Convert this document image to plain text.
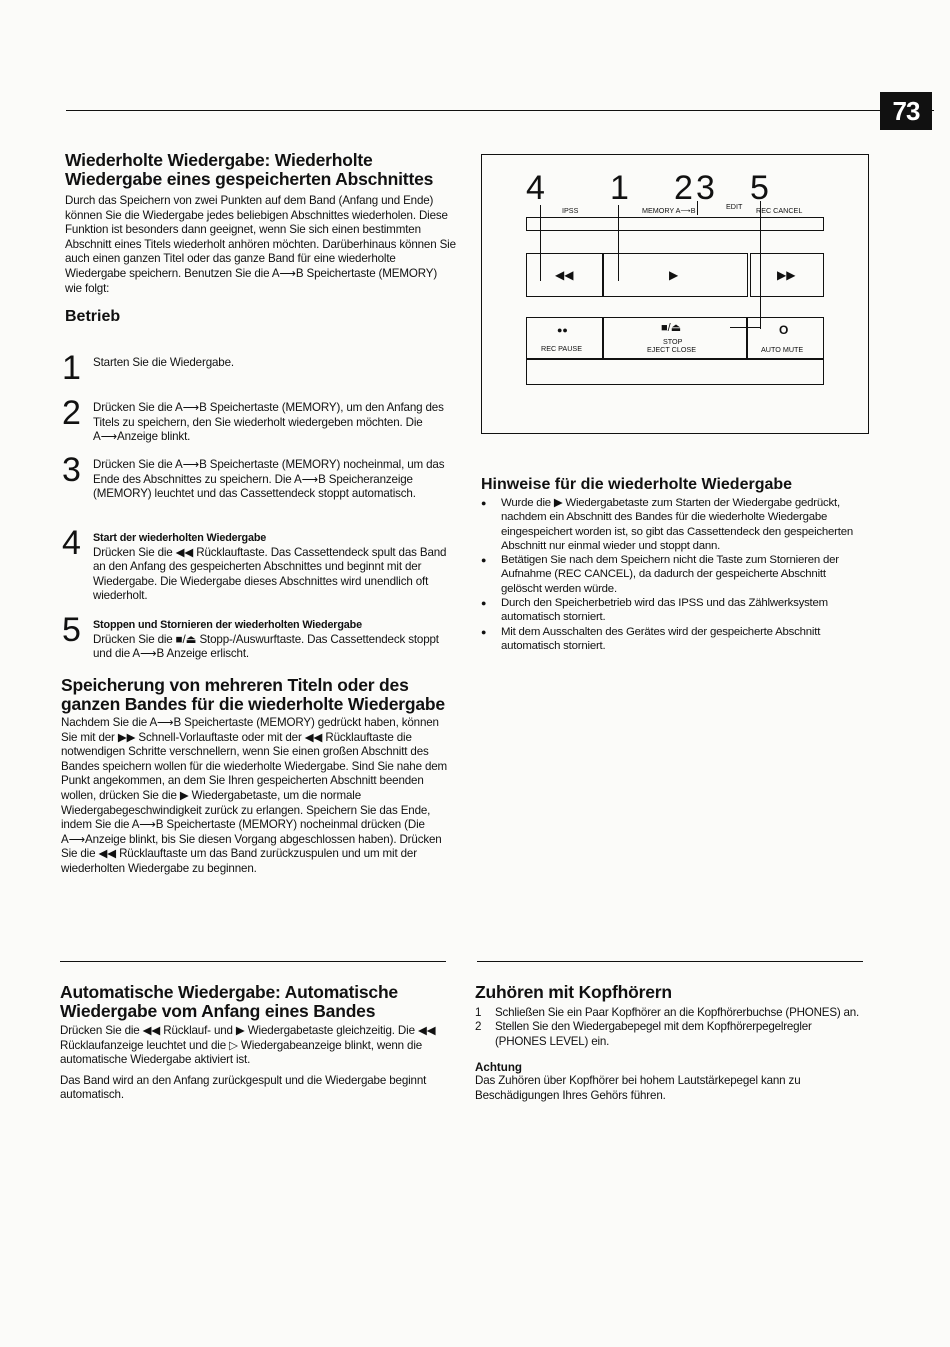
73
Wiederholte Wiedergabe: Wiederholte Wiedergabe eines gespeicherten Abschnittes

Durch das Speichern von zwei Punkten auf dem Band (Anfang und Ende) können Sie die Wiedergabe jedes beliebigen Abschnittes wiederholen. Diese Funktion ist besonders dann geeignet, wenn Sie sich einen bestimmten Abschnitt eines Titels wiederholt anhören möchten. Darüberhinaus können Sie auch einen ganzen Titel oder das ganze Band für eine wiederholte Wiedergabe speichern. Benutzen Sie die A⟶B Speichertaste (MEMORY) wie folgt:

Betrieb
1 Starten Sie die Wiedergabe.
2 Drücken Sie die A⟶B Speichertaste (MEMORY), um den Anfang des Titels zu speichern, den Sie wiederholt wiedergeben möchten. Die A⟶Anzeige blinkt.
3 Drücken Sie die A⟶B Speichertaste (MEMORY) nocheinmal, um das Ende des Abschnittes zu speichern. Die A⟶B Speicheranzeige (MEMORY) leuchtet und das Cassettendeck stoppt automatisch.
4 Start der wiederholten Wiedergabe
Drücken Sie die ◀◀ Rücklauftaste. Das Cassettendeck spult das Band an den Anfang des gespeicherten Abschnittes und beginnt mit der Wiedergabe. Die Wiedergabe dieses Abschnittes wird unendlich oft wiederholt.
5 Stoppen und Stornieren der wiederholten Wiedergabe
Drücken Sie die ■/⏏ Stopp-/Auswurftaste. Das Cassettendeck stoppt und die A⟶B Anzeige erlischt.
Speicherung von mehreren Titeln oder des ganzen Bandes für die wiederholte Wiedergabe

Nachdem Sie die A⟶B Speichertaste (MEMORY) gedrückt haben, können Sie mit der ▶▶ Schnell-Vorlauftaste oder mit der ◀◀ Rücklauftaste die notwendigen Schritte verschnellern, wenn Sie einen großen Abschnitt des Bandes speichern wollen für die wiederholte Wiedergabe. Sind Sie nahe dem Punkt angekommen, an dem Sie Ihren gespeicherten Abschnitt beenden wollen, drücken Sie die ▶ Wiedergabetaste, um die normale Wiedergabegeschwindigkeit zurück zu erlangen. Speichern Sie das Ende, indem Sie die A⟶B Speichertaste (MEMORY) nocheinmal drücken (Die A⟶Anzeige blinkt, bis Sie diesen Vorgang abgeschlossen haben). Drücken Sie die ◀◀ Rücklauftaste um das Band zurückzuspulen und um mit der wiederholten Wiedergabe zu beginnen.

4 1 2 3 5
IPSS	MEMORY A⟶B	EDIT REC CANCEL
◀◀	▶	▶▶
●●
REC PAUSE
■/⏏
STOP
EJECT CLOSE
O
AUTO MUTE
Hinweise für die wiederholte Wiedergabe
● Wurde die ▶ Wiedergabetaste zum Starten der Wiedergabe gedrückt, nachdem ein Abschnitt des Bandes für die wiederholte Wiedergabe eingespeichert worden ist, so gibt das Cassettendeck den gespeicherten Abschnitt nur einmal wieder und stoppt dann.
● Betätigen Sie nach dem Speichern nicht die Taste zum Stornieren der Aufnahme (REC CANCEL), da dadurch der gespeicherte Abschnitt gelöscht werden würde.
● Durch den Speicherbetrieb wird das IPSS und das Zählwerksystem automatisch storniert.
● Mit dem Ausschalten des Gerätes wird der gespeicherte Abschnitt automatisch storniert.
Automatische Wiedergabe: Automatische Wiedergabe vom Anfang eines Bandes

Drücken Sie die ◀◀ Rücklauf- und ▶ Wiedergabetaste gleichzeitig. Die ◀◀ Rücklaufanzeige leuchtet und die ▷ Wiedergabeanzeige blinkt, wenn die automatische Wiedergabe aktiviert ist.

Das Band wird an den Anfang zurückgespult und die Wiedergabe beginnt automatisch.

Zuhören mit Kopfhörern
1 Schließen Sie ein Paar Kopfhörer an die Kopfhörerbuchse (PHONES) an.
2 Stellen Sie den Wiedergabepegel mit dem Kopfhörerpegelregler (PHONES LEVEL) ein.
Achtung

Das Zuhören über Kopfhörer bei hohem Lautstärkepegel kann zu Beschädigungen Ihres Gehörs führen.
